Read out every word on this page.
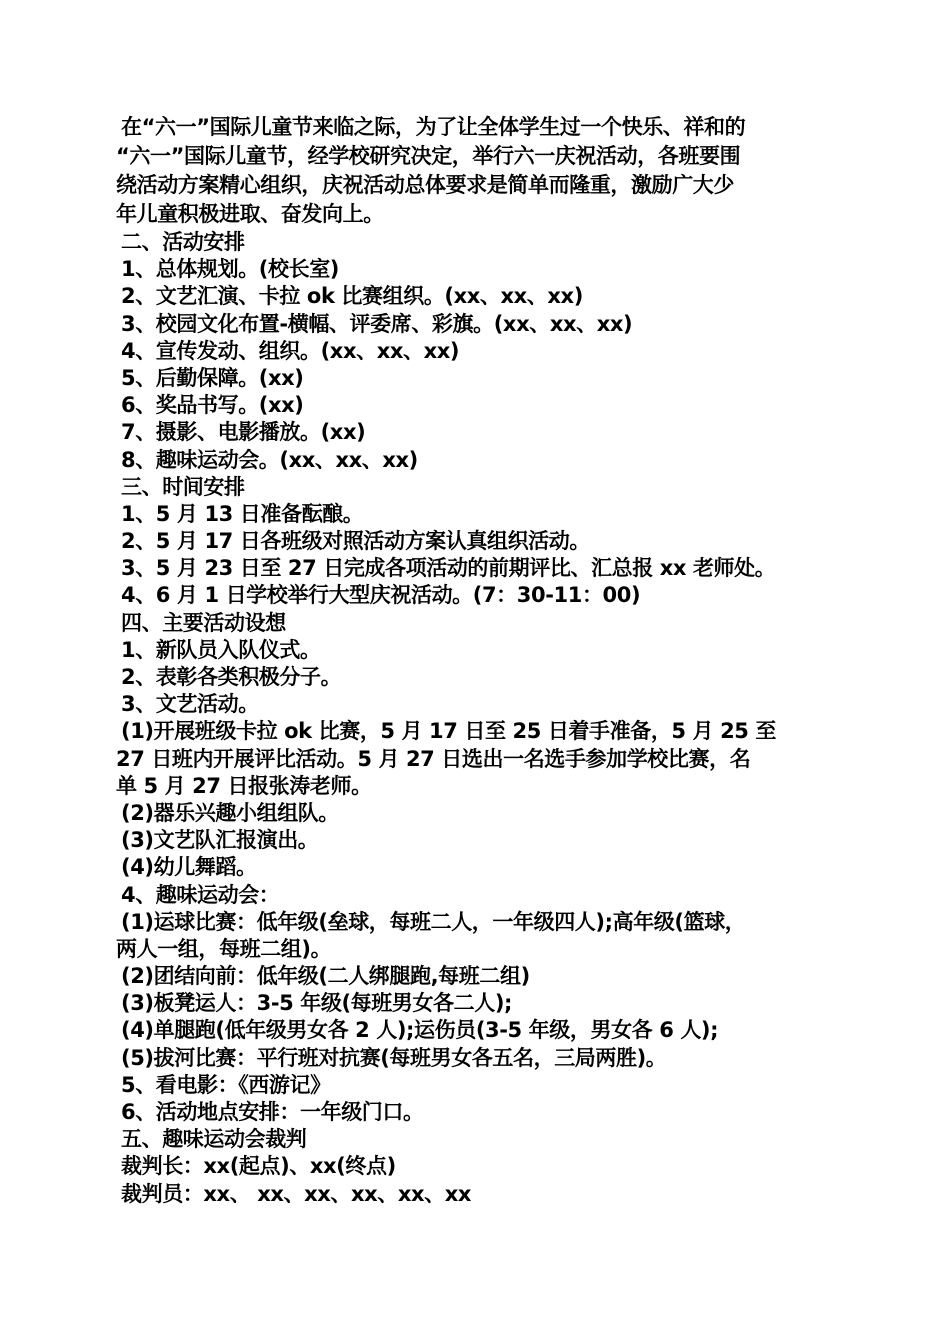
在“六一”国际儿童节来临之际，为了让全体学生过一个快乐、祥和的

“六一”国际儿童节，经学校研究决定，举行六一庆祝活动，各班要围

绕活动方案精心组织，庆祝活动总体要求是简单而隆重，激励广大少

年儿童积极进取、奋发向上。

二、活动安排

1、总体规划。(校长室)

2、文艺汇演、卡拉 ok 比赛组织。(xx、xx、xx)

3、校园文化布置-横幅、评委席、彩旗。(xx、xx、xx)

4、宣传发动、组织。(xx、xx、xx)

5、后勤保障。(xx)

6、奖品书写。(xx)

7、摄影、电影播放。(xx)

8、趣味运动会。(xx、xx、xx)

三、时间安排

1、5 月 13 日准备酝酿。

2、5 月 17 日各班级对照活动方案认真组织活动。

3、5 月 23 日至 27 日完成各项活动的前期评比、汇总报 xx 老师处。

4、6 月 1 日学校举行大型庆祝活动。(7：30-11：00)

四、主要活动设想

1、新队员入队仪式。

2、表彰各类积极分子。

3、文艺活动。

(1)开展班级卡拉 ok 比赛，5 月 17 日至 25 日着手准备，5 月 25 至

27 日班内开展评比活动。5 月 27 日选出一名选手参加学校比赛，名

单 5 月 27 日报张涛老师。

(2)器乐兴趣小组组队。

(3)文艺队汇报演出。

(4)幼儿舞蹈。

4、趣味运动会：

(1)运球比赛：低年级(垒球，每班二人，一年级四人);高年级(篮球，

两人一组，每班二组)。

(2)团结向前：低年级(二人绑腿跑,每班二组)

(3)板凳运人：3-5 年级(每班男女各二人);

(4)单腿跑(低年级男女各 2 人);运伤员(3-5 年级，男女各 6 人);

(5)拔河比赛：平行班对抗赛(每班男女各五名，三局两胜)。

5、看电影：《西游记》

6、活动地点安排：一年级门口。

五、趣味运动会裁判

裁判长：xx(起点)、xx(终点)

裁判员：xx、 xx、xx、xx、xx、xx
